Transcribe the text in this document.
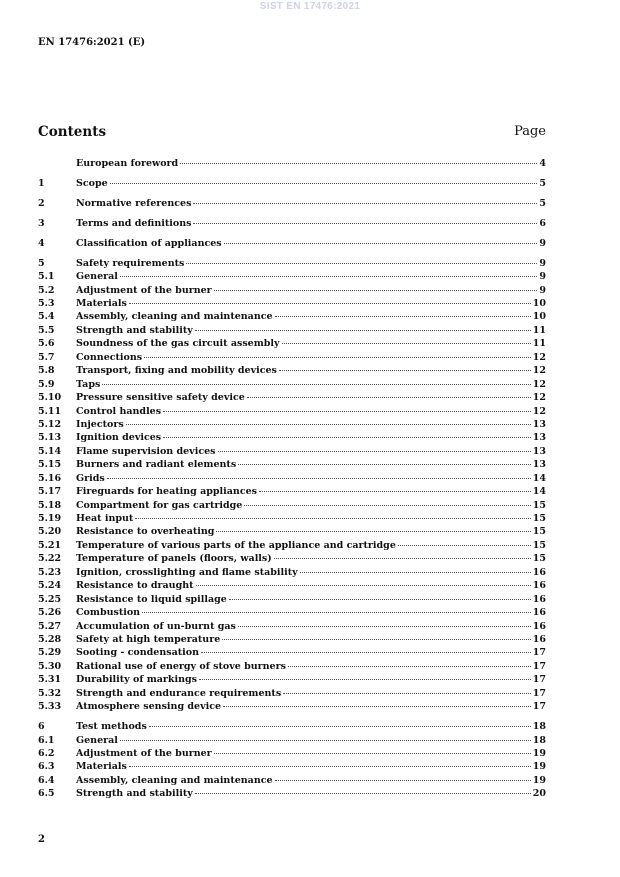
SIST EN 17476:2021
EN 17476:2021 (E)
Contents	Page
European foreword	4
1	Scope	5
2	Normative references	5
3	Terms and definitions	6
4	Classification of appliances	9
5	Safety requirements	9
5.1	General	9
5.2	Adjustment of the burner	9
5.3	Materials	10
5.4	Assembly, cleaning and maintenance	10
5.5	Strength and stability	11
5.6	Soundness of the gas circuit assembly	11
5.7	Connections	12
5.8	Transport, fixing and mobility devices	12
5.9	Taps	12
5.10	Pressure sensitive safety device	12
5.11	Control handles	12
5.12	Injectors	13
5.13	Ignition devices	13
5.14	Flame supervision devices	13
5.15	Burners and radiant elements	13
5.16	Grids	14
5.17	Fireguards for heating appliances	14
5.18	Compartment for gas cartridge	15
5.19	Heat input	15
5.20	Resistance to overheating	15
5.21	Temperature of various parts of the appliance and cartridge	15
5.22	Temperature of panels (floors, walls)	15
5.23	Ignition, crosslighting and flame stability	16
5.24	Resistance to draught	16
5.25	Resistance to liquid spillage	16
5.26	Combustion	16
5.27	Accumulation of un-burnt gas	16
5.28	Safety at high temperature	16
5.29	Sooting - condensation	17
5.30	Rational use of energy of stove burners	17
5.31	Durability of markings	17
5.32	Strength and endurance requirements	17
5.33	Atmosphere sensing device	17
6	Test methods	18
6.1	General	18
6.2	Adjustment of the burner	19
6.3	Materials	19
6.4	Assembly, cleaning and maintenance	19
6.5	Strength and stability	20
2
